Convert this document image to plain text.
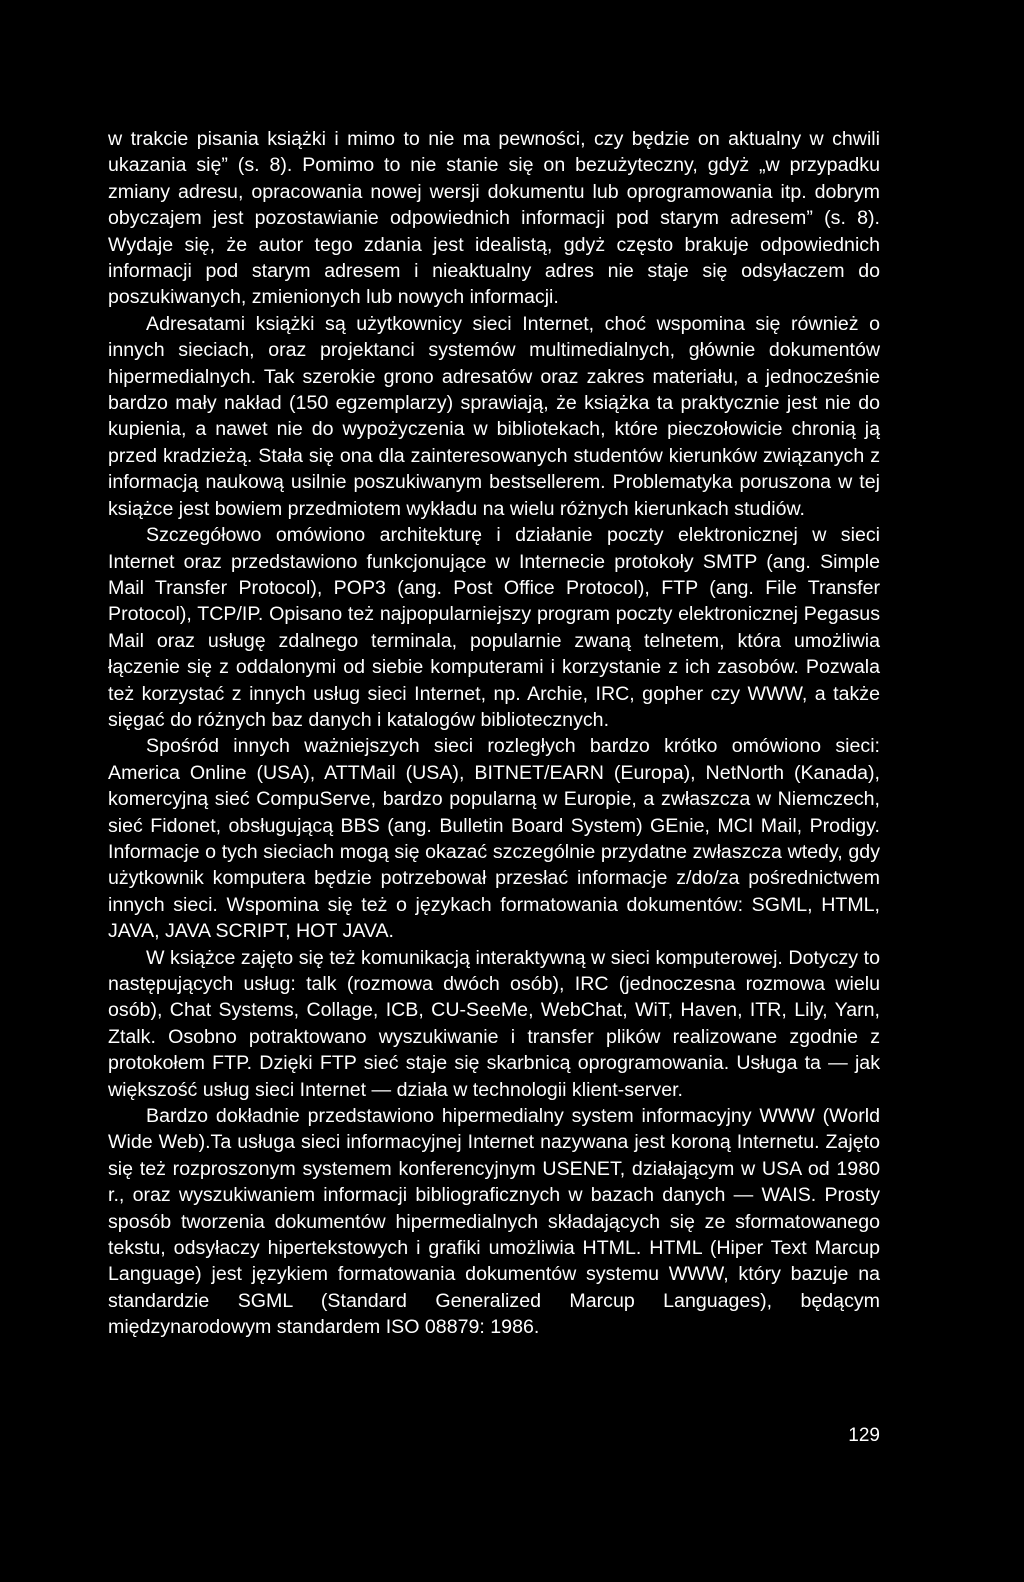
w trakcie pisania książki i mimo to nie ma pewności, czy będzie on aktualny w chwili ukazania się” (s. 8). Pomimo to nie stanie się on bezużyteczny, gdyż „w przypadku zmiany adresu, opracowania nowej wersji dokumentu lub oprogramowania itp. dobrym obyczajem jest pozostawianie odpowiednich informacji pod starym adresem” (s. 8). Wydaje się, że autor tego zdania jest idealistą, gdyż często brakuje odpowiednich informacji pod starym adresem i nieaktualny adres nie staje się odsyłaczem do poszukiwanych, zmienionych lub nowych informacji.

Adresatami książki są użytkownicy sieci Internet, choć wspomina się również o innych sieciach, oraz projektanci systemów multimedialnych, głównie dokumentów hipermedialnych. Tak szerokie grono adresatów oraz zakres materiału, a jednocześnie bardzo mały nakład (150 egzemplarzy) sprawiają, że książka ta praktycznie jest nie do kupienia, a nawet nie do wypożyczenia w bibliotekach, które pieczołowicie chronią ją przed kradzieżą. Stała się ona dla zainteresowanych studentów kierunków związanych z informacją naukową usilnie poszukiwanym bestsellerem. Problematyka poruszona w tej książce jest bowiem przedmiotem wykładu na wielu różnych kierunkach studiów.

Szczegółowo omówiono architekturę i działanie poczty elektronicznej w sieci Internet oraz przedstawiono funkcjonujące w Internecie protokoły SMTP (ang. Simple Mail Transfer Protocol), POP3 (ang. Post Office Protocol), FTP (ang. File Transfer Protocol), TCP/IP. Opisano też najpopularniejszy program poczty elektronicznej Pegasus Mail oraz usługę zdalnego terminala, popularnie zwaną telnetem, która umożliwia łączenie się z oddalonymi od siebie komputerami i korzystanie z ich zasobów. Pozwala też korzystać z innych usług sieci Internet, np. Archie, IRC, gopher czy WWW, a także sięgać do różnych baz danych i katalogów bibliotecznych.

Spośród innych ważniejszych sieci rozległych bardzo krótko omówiono sieci: America Online (USA), ATTMail (USA), BITNET/EARN (Europa), NetNorth (Kanada), komercyjną sieć CompuServe, bardzo popularną w Europie, a zwłaszcza w Niemczech, sieć Fidonet, obsługującą BBS (ang. Bulletin Board System) GEnie, MCI Mail, Prodigy. Informacje o tych sieciach mogą się okazać szczególnie przydatne zwłaszcza wtedy, gdy użytkownik komputera będzie potrzebował przesłać informacje z/do/za pośrednictwem innych sieci. Wspomina się też o językach formatowania dokumentów: SGML, HTML, JAVA, JAVA SCRIPT, HOT JAVA.

W książce zajęto się też komunikacją interaktywną w sieci komputerowej. Dotyczy to następujących usług: talk (rozmowa dwóch osób), IRC (jednoczesna rozmowa wielu osób), Chat Systems, Collage, ICB, CU-SeeMe, WebChat, WiT, Haven, ITR, Lily, Yarn, Ztalk. Osobno potraktowano wyszukiwanie i transfer plików realizowane zgodnie z protokołem FTP. Dzięki FTP sieć staje się skarbnicą oprogramowania. Usługa ta — jak większość usług sieci Internet — działa w technologii klient-server.

Bardzo dokładnie przedstawiono hipermedialny system informacyjny WWW (World Wide Web).Ta usługa sieci informacyjnej Internet nazywana jest koroną Internetu. Zajęto się też rozproszonym systemem konferencyjnym USENET, działającym w USA od 1980 r., oraz wyszukiwaniem informacji bibliograficznych w bazach danych — WAIS. Prosty sposób tworzenia dokumentów hipermedialnych składających się ze sformatowanego tekstu, odsyłaczy hipertekstowych i grafiki umożliwia HTML. HTML (Hiper Text Marcup Language) jest językiem formatowania dokumentów systemu WWW, który bazuje na standardzie SGML (Standard Generalized Marcup Languages), będącym międzynarodowym standardem ISO 08879: 1986.

129
